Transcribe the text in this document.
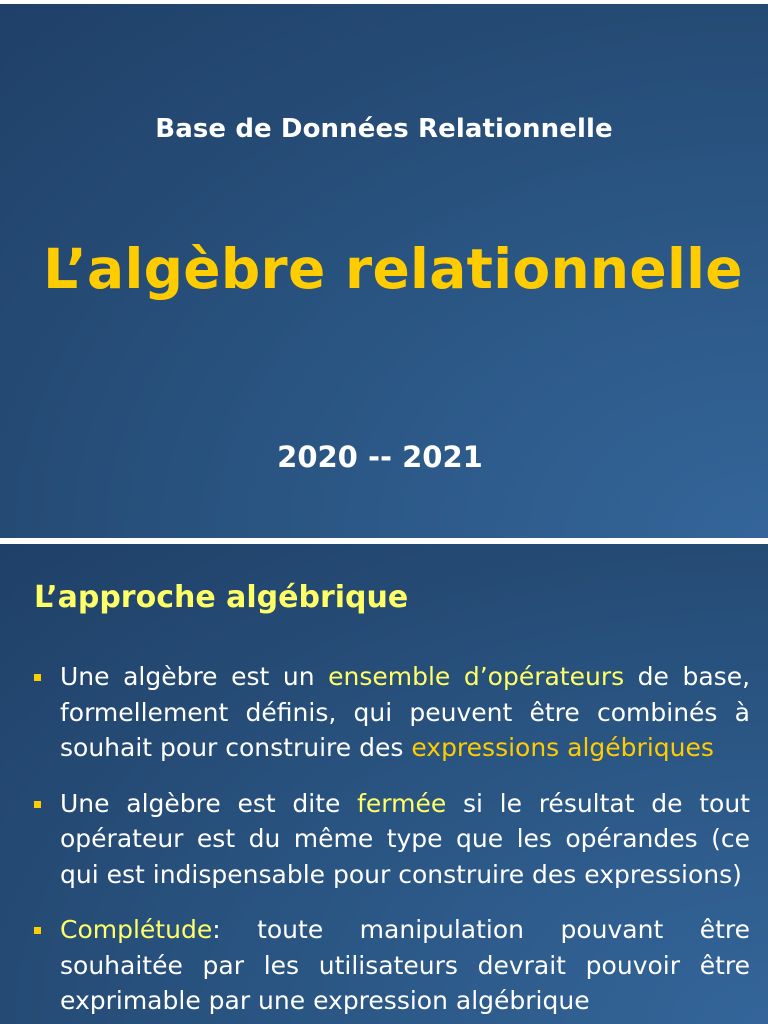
Base de Données Relationnelle
L’algèbre relationnelle
2020 -- 2021
L’approche algébrique
Une algèbre est un ensemble d’opérateurs de base, formellement définis, qui peuvent être combinés à souhait pour construire des expressions algébriques
Une algèbre est dite fermée si le résultat de tout opérateur est du même type que les opérandes (ce qui est indispensable pour construire des expressions)
Complétude: toute manipulation pouvant être souhaitée par les utilisateurs devrait pouvoir être exprimable par une expression algébrique
